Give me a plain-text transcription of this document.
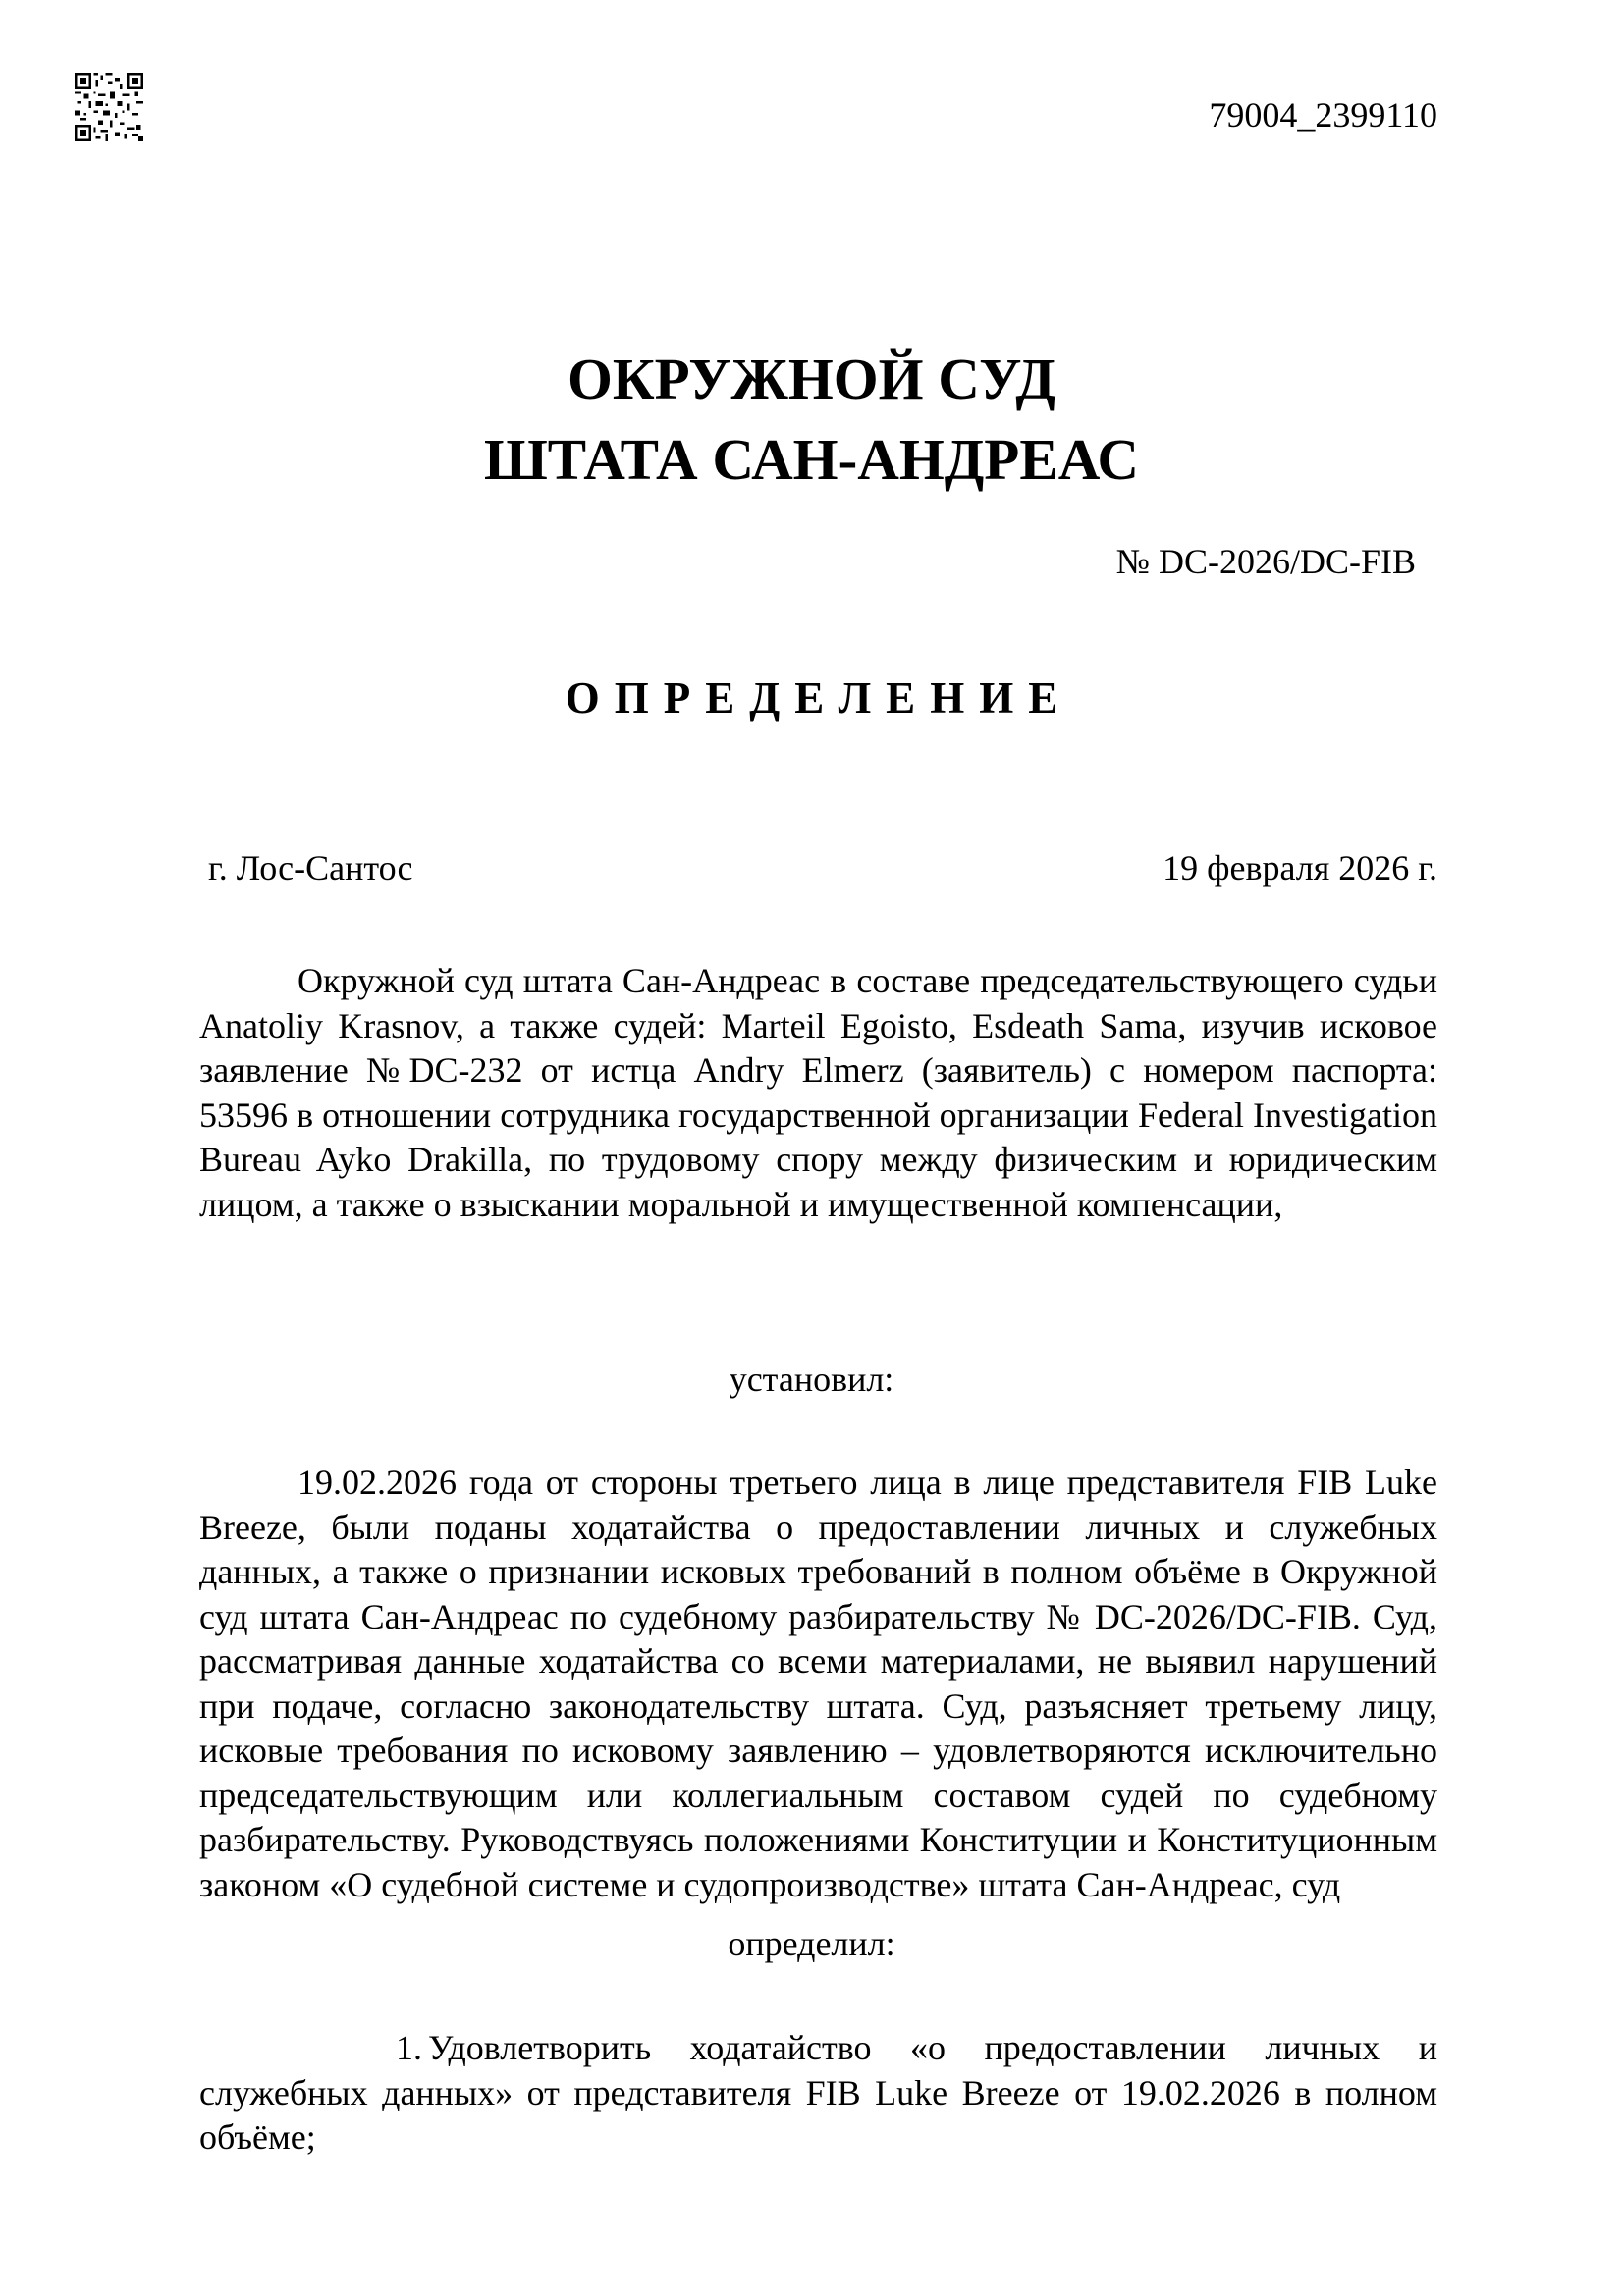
79004_2399110
ОКРУЖНОЙ СУД
ШТАТА САН-АНДРЕАС
№ DC-2026/DC-FIB
ОПРЕДЕЛЕНИЕ
г. Лос-Сантос	19 февраля 2026 г.

Окружной суд штата Сан-Андреас в составе председательствующего судьи Anatoliy Krasnov, а также судей: Marteil Egoisto, Esdeath Sama, изучив исковое заявление №DC-232 от истца Andry Elmerz (заявитель) с номером паспорта: 53596 в отношении сотрудника государственной организации Federal Investigation Bureau Ayko Drakilla, по трудовому спору между физическим и юридическим лицом, а также о взыскании моральной и имущественной компенсации,

установил:

19.02.2026 года от стороны третьего лица в лице представителя FIB Luke Breeze, были поданы ходатайства о предоставлении личных и служебных данных, а также о признании исковых требований в полном объёме в Окружной суд штата Сан-Андреас по судебному разбирательству № DC-2026/DC-FIB. Суд, рассматривая данные ходатайства со всеми материалами, не выявил нарушений при подаче, согласно законодательству штата. Суд, разъясняет третьему лицу, исковые требования по исковому заявлению – удовлетворяются исключительно председательствующим или коллегиальным составом судей по судебному разбирательству. Руководствуясь положениями Конституции и Конституционным законом «О судебной системе и судопроизводстве» штата Сан-Андреас, суд

определил:

1. Удовлетворить ходатайство «о предоставлении личных и служебных данных» от представителя FIB Luke Breeze от 19.02.2026 в полном объёме;
